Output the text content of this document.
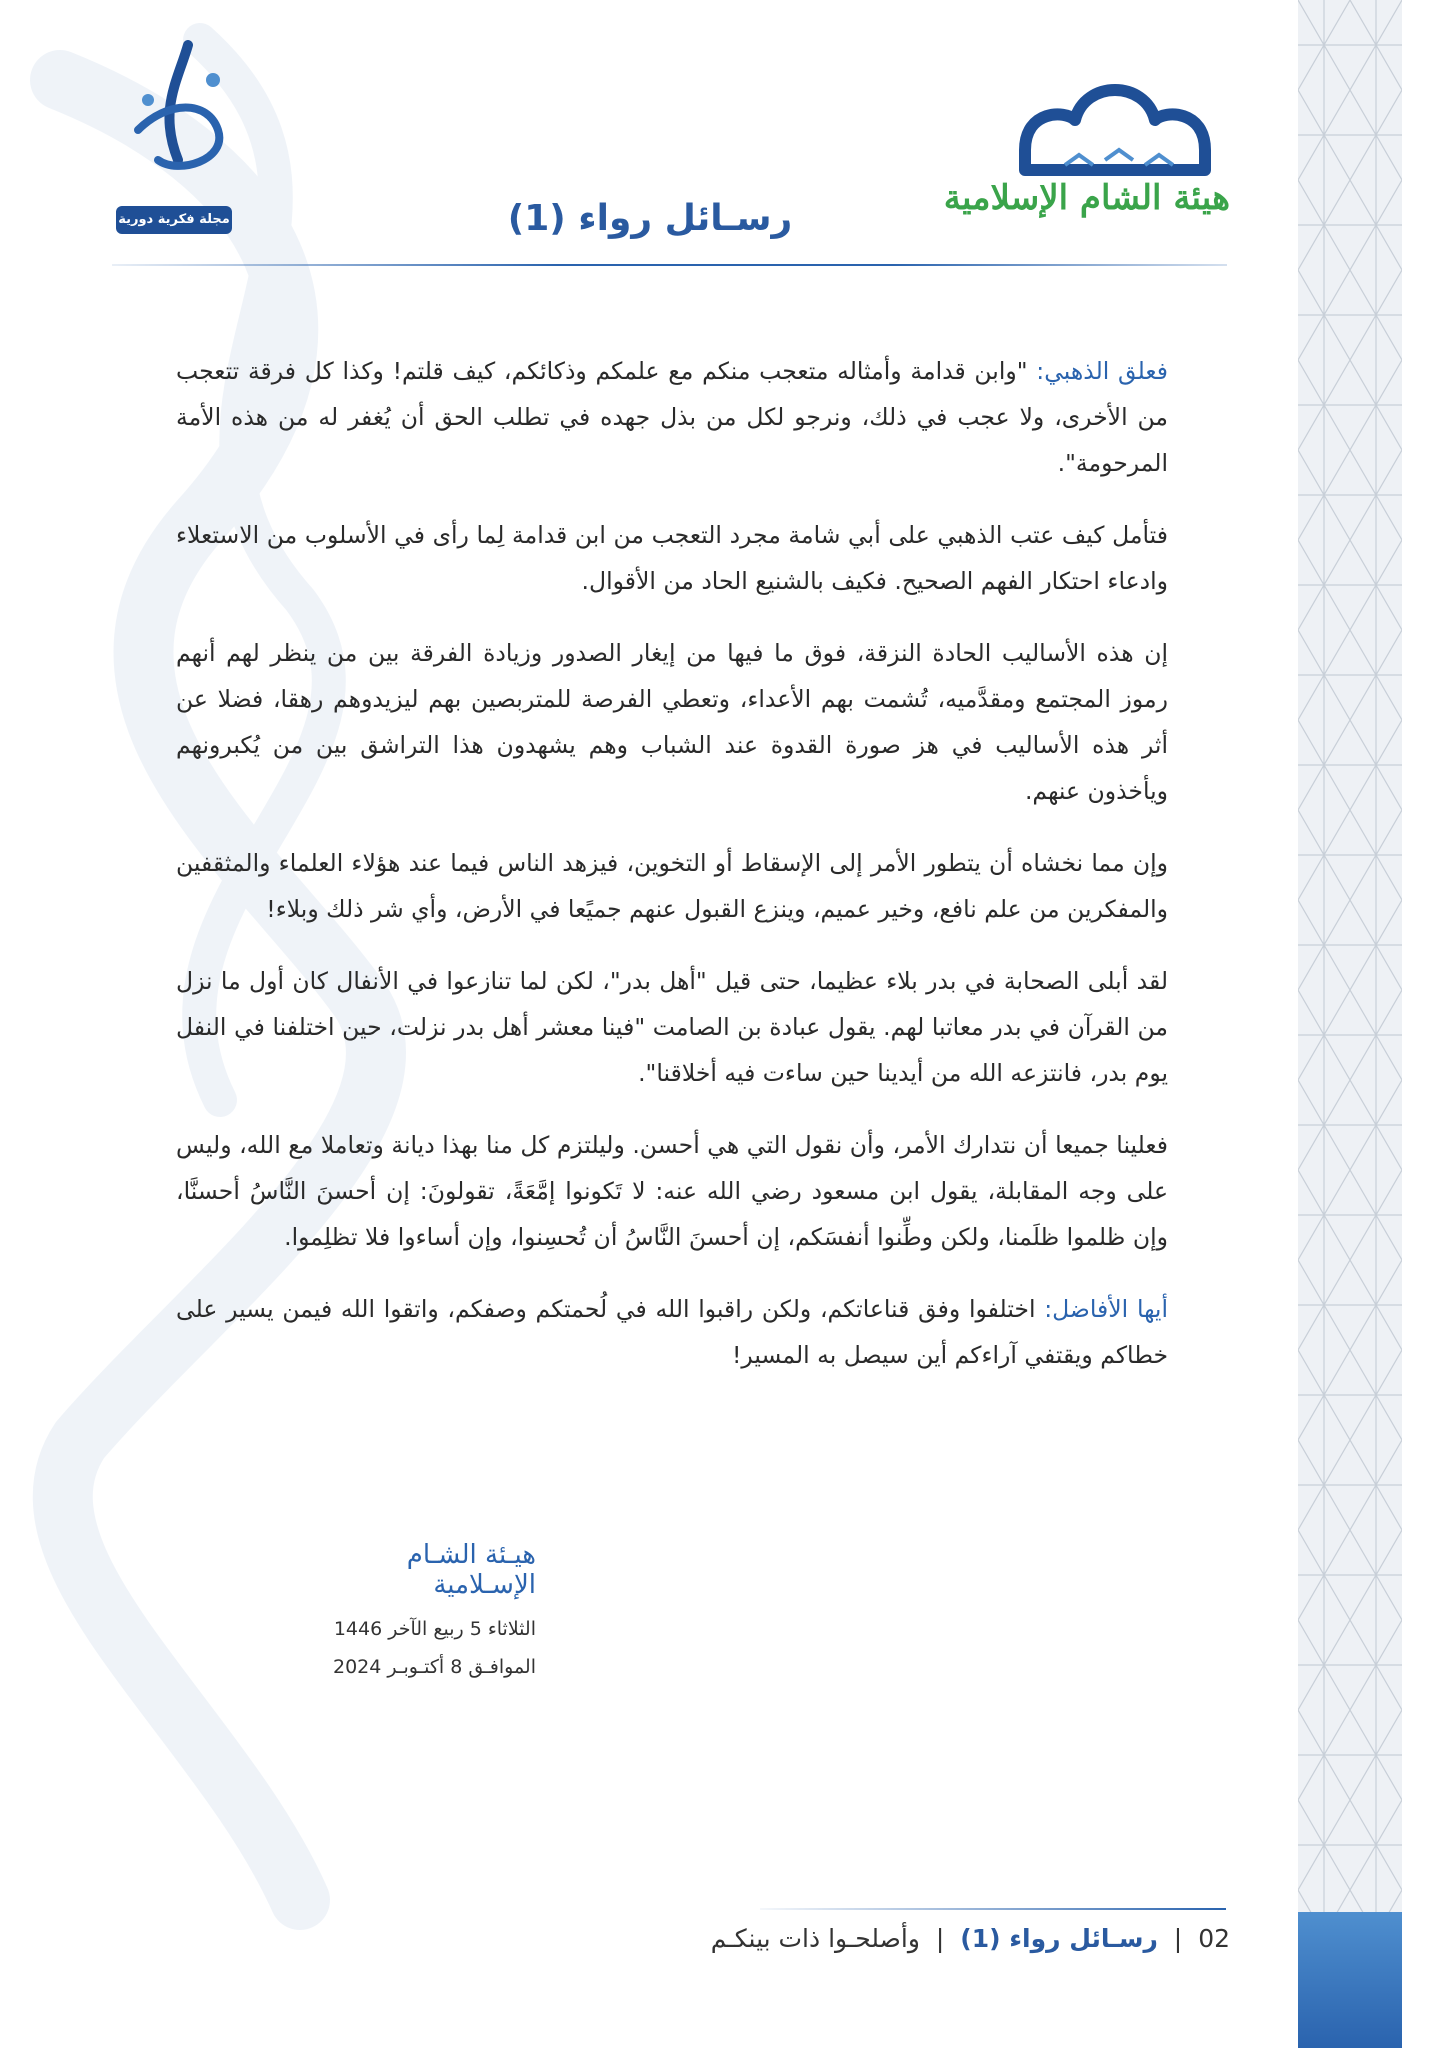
هيئة الشام الإسلامية
مجلة فكرية دورية	رسـائل رواء (1)

فعلق الذهبي: "وابن قدامة وأمثاله متعجب منكم مع علمكم وذكائكم، كيف قلتم! وكذا كل فرقة تتعجب من الأخرى، ولا عجب في ذلك، ونرجو لكل من بذل جهده في تطلب الحق أن يُغفر له من هذه الأمة المرحومة".

فتأمل كيف عتب الذهبي على أبي شامة مجرد التعجب من ابن قدامة لِما رأى في الأسلوب من الاستعلاء وادعاء احتكار الفهم الصحيح. فكيف بالشنيع الحاد من الأقوال.

إن هذه الأساليب الحادة النزقة، فوق ما فيها من إيغار الصدور وزيادة الفرقة بين من ينظر لهم أنهم رموز المجتمع ومقدَّميه، تُشمت بهم الأعداء، وتعطي الفرصة للمتربصين بهم ليزيدوهم رهقا، فضلا عن أثر هذه الأساليب في هز صورة القدوة عند الشباب وهم يشهدون هذا التراشق بين من يُكبرونهم ويأخذون عنهم.

وإن مما نخشاه أن يتطور الأمر إلى الإسقاط أو التخوين، فيزهد الناس فيما عند هؤلاء العلماء والمثقفين والمفكرين من علم نافع، وخير عميم، وينزع القبول عنهم جميًعا في الأرض، وأي شر ذلك وبلاء!

لقد أبلى الصحابة في بدر بلاء عظيما، حتى قيل "أهل بدر"، لكن لما تنازعوا في الأنفال كان أول ما نزل من القرآن في بدر معاتبا لهم. يقول عبادة بن الصامت "فينا معشر أهل بدر نزلت، حين اختلفنا في النفل يوم بدر، فانتزعه الله من أيدينا حين ساءت فيه أخلاقنا".

فعلينا جميعا أن نتدارك الأمر، وأن نقول التي هي أحسن. وليلتزم كل منا بهذا ديانة وتعاملا مع الله، وليس على وجه المقابلة، يقول ابن مسعود رضي الله عنه: لا تَكونوا إمَّعَةً، تقولونَ: إن أحسنَ النَّاسُ أحسنَّا، وإن ظلموا ظلَمنا، ولكن وطِّنوا أنفسَكم، إن أحسنَ النَّاسُ أن تُحسِنوا، وإن أساءوا فلا تظلِموا.

أيها الأفاضل: اختلفوا وفق قناعاتكم، ولكن راقبوا الله في لُحمتكم وصفكم، واتقوا الله فيمن يسير على خطاكم ويقتفي آراءكم أين سيصل به المسير!

هيـئة الشـام الإسـلامية
الثلاثاء 5 ربيع الآخر 1446
الموافـق 8 أكتـوبـر 2024
02 | رسـائل رواء (1) | وأصلحـوا ذات بينكـم
